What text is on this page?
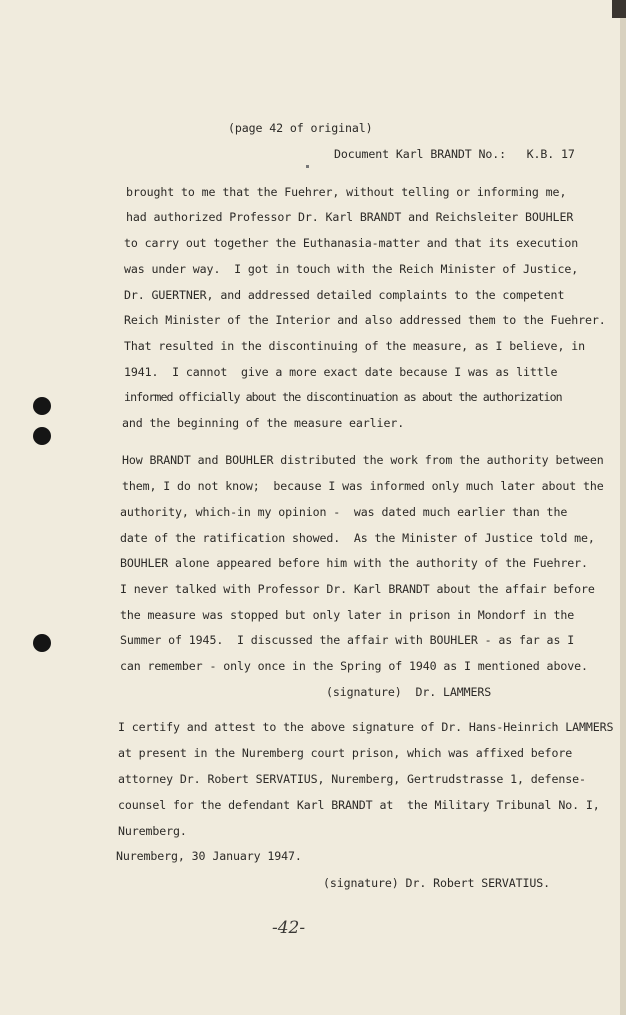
(page 42 of original)
Document Karl BRANDT No.:   K.B. 17
brought to me that the Fuehrer, without telling or informing me,
had authorized Professor Dr. Karl BRANDT and Reichsleiter BOUHLER
to carry out together the Euthanasia-matter and that its execution
was under way.  I got in touch with the Reich Minister of Justice,
Dr. GUERTNER, and addressed detailed complaints to the competent
Reich Minister of the Interior and also addressed them to the Fuehrer.
That resulted in the discontinuing of the measure, as I believe, in
1941.  I cannot  give a more exact date because I was as little
informed officially about the discontinuation as about the authorization
and the beginning of the measure earlier.
How BRANDT and BOUHLER distributed the work from the authority between
them, I do not know;  because I was informed only much later about the
authority, which-in my opinion -  was dated much earlier than the
date of the ratification showed.  As the Minister of Justice told me,
BOUHLER alone appeared before him with the authority of the Fuehrer.
I never talked with Professor Dr. Karl BRANDT about the affair before
the measure was stopped but only later in prison in Mondorf in the
Summer of 1945.  I discussed the affair with BOUHLER - as far as I
can remember - only once in the Spring of 1940 as I mentioned above.
(signature)  Dr. LAMMERS
I certify and attest to the above signature of Dr. Hans-Heinrich LAMMERS
at present in the Nuremberg court prison, which was affixed before
attorney Dr. Robert SERVATIUS, Nuremberg, Gertrudstrasse 1, defense-
counsel for the defendant Karl BRANDT at  the Military Tribunal No. I,
Nuremberg.
Nuremberg, 30 January 1947.
(signature) Dr. Robert SERVATIUS.
-42-
